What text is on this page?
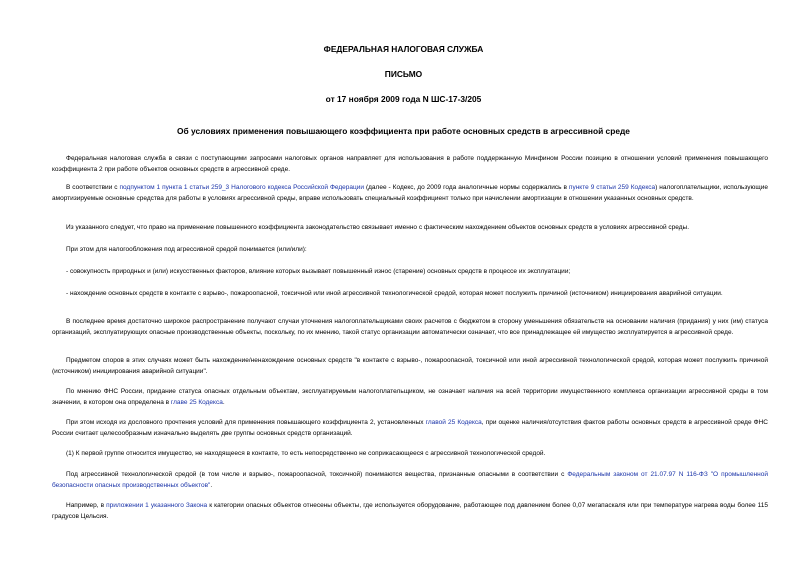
ФЕДЕРАЛЬНАЯ НАЛОГОВАЯ СЛУЖБА
ПИСЬМО
от 17 ноября 2009 года N ШС-17-3/205
Об условиях применения повышающего коэффициента при работе основных средств в агрессивной среде
Федеральная налоговая служба в связи с поступающими запросами налоговых органов направляет для использования в работе поддержанную Минфином России позицию в отношении условий применения повышающего коэффициента 2 при работе объектов основных средств в агрессивной среде.
В соответствии с подпунктом 1 пункта 1 статьи 259_3 Налогового кодекса Российской Федерации (далее - Кодекс, до 2009 года аналогичные нормы содержались в пункте 9 статьи 259 Кодекса) налогоплательщики, использующие амортизируемые основные средства для работы в условиях агрессивной среды, вправе использовать специальный коэффициент только при начислении амортизации в отношении указанных основных средств.
Из указанного следует, что право на применение повышенного коэффициента законодательство связывает именно с фактическим нахождением объектов основных средств в условиях агрессивной среды.
При этом для налогообложения под агрессивной средой понимается (или/или):
- совокупность природных и (или) искусственных факторов, влияние которых вызывает повышенный износ (старение) основных средств в процессе их эксплуатации;
- нахождение основных средств в контакте с взрыво-, пожароопасной, токсичной или иной агрессивной технологической средой, которая может послужить причиной (источником) инициирования аварийной ситуации.
В последнее время достаточно широкое распространение получают случаи уточнения налогоплательщиками своих расчетов с бюджетом в сторону уменьшения обязательств на основании наличия (придания) у них (им) статуса организаций, эксплуатирующих опасные производственные объекты, поскольку, по их мнению, такой статус организации автоматически означает, что все принадлежащее ей имущество эксплуатируется в агрессивной среде.
Предметом споров в этих случаях может быть нахождение/ненахождение основных средств "в контакте с взрыво-, пожароопасной, токсичной или иной агрессивной технологической средой, которая может послужить причиной (источником) инициирования аварийной ситуации".
По мнению ФНС России, придание статуса опасных отдельным объектам, эксплуатируемым налогоплательщиком, не означает наличия на всей территории имущественного комплекса организации агрессивной среды в том значении, в котором она определена в главе 25 Кодекса.
При этом исходя из дословного прочтения условий для применения повышающего коэффициента 2, установленных главой 25 Кодекса, при оценке наличия/отсутствия фактов работы основных средств в агрессивной среде ФНС России считает целесообразным изначально выделять две группы основных средств организаций.
(1) К первой группе относится имущество, не находящееся в контакте, то есть непосредственно не соприкасающееся с агрессивной технологической средой.
Под агрессивной технологической средой (в том числе и взрыво-, пожароопасной, токсичной) понимаются вещества, признанные опасными в соответствии с Федеральным законом от 21.07.97 N 116-ФЗ "О промышленной безопасности опасных производственных объектов".
Например, в приложении 1 указанного Закона к категории опасных объектов отнесены объекты, где используется оборудование, работающее под давлением более 0,07 мегапаскаля или при температуре нагрева воды более 115 градусов Цельсия.
